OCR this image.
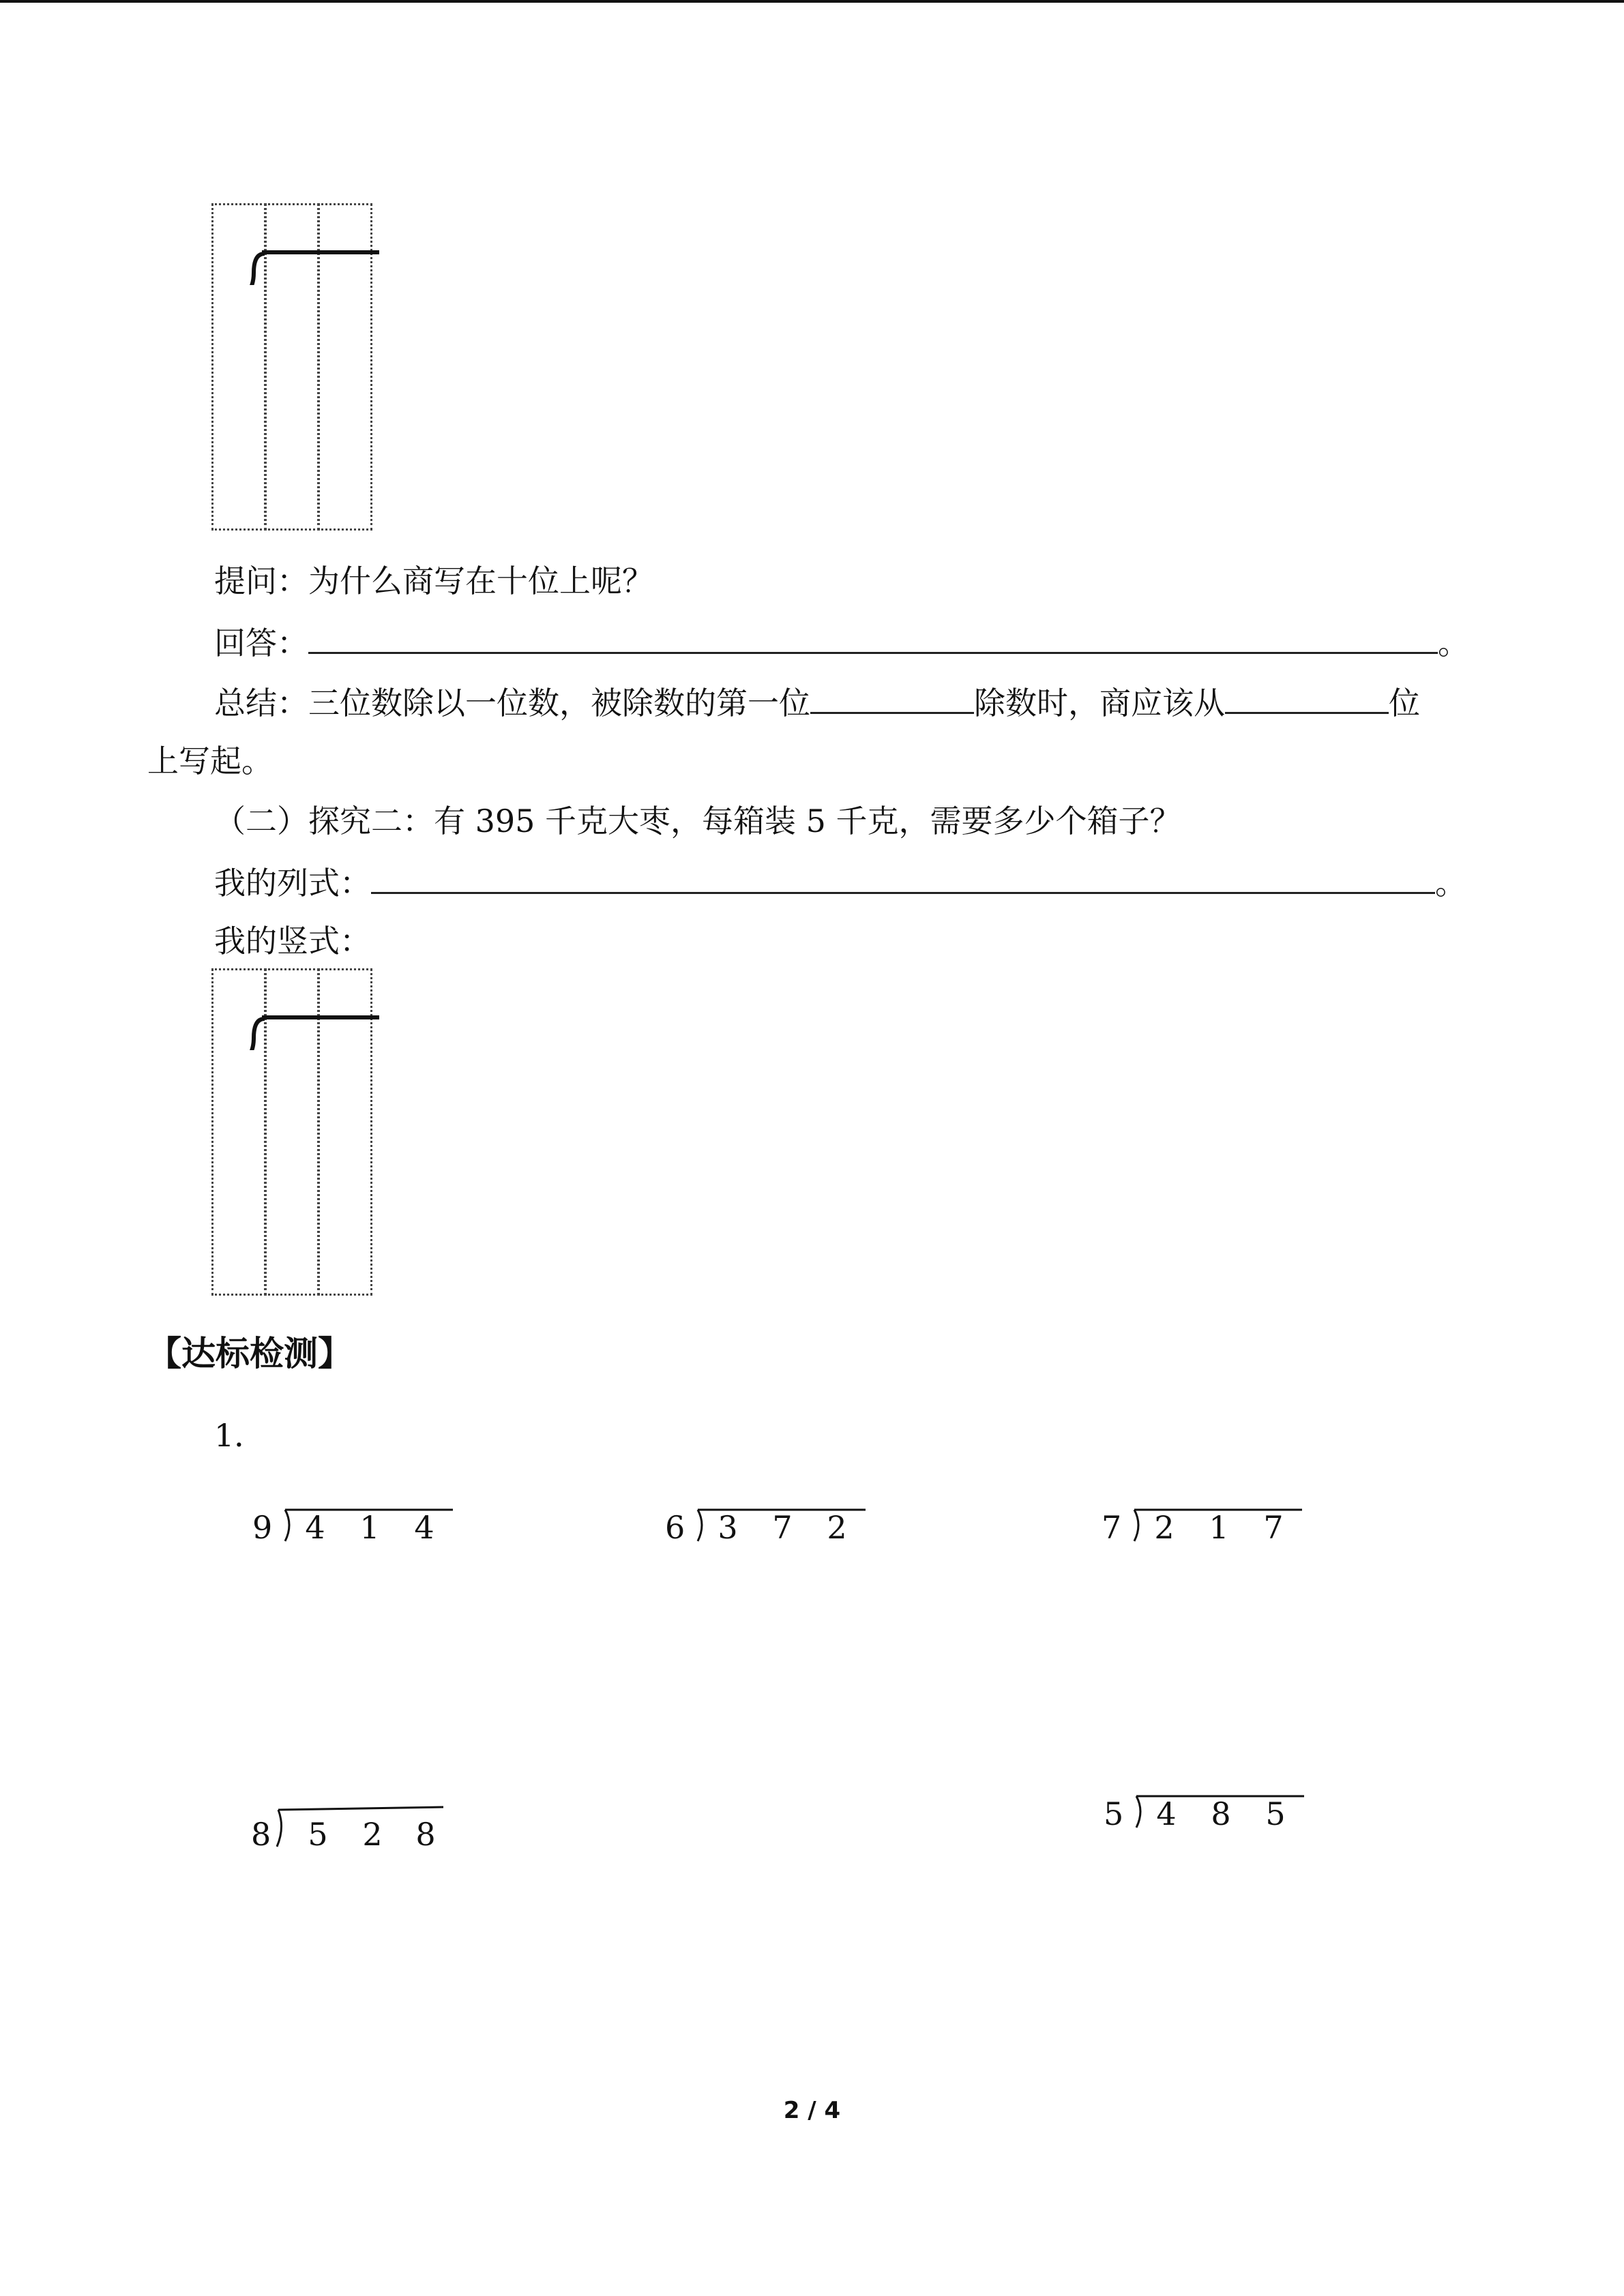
提问：为什么商写在十位上呢？
回答：	。
总结：三位数除以一位数，被除数的第一位	除数时，商应该从	位
上写起。
（二）探究二：有 395 千克大枣，每箱装 5 千克，需要多少个箱子？
我的列式：	。
我的竖式：
【达标检测】
1．
9 4 1 4	6 3 7 2	7 2 1 7
8 5 2 8
5 4 8 5
2 / 4
